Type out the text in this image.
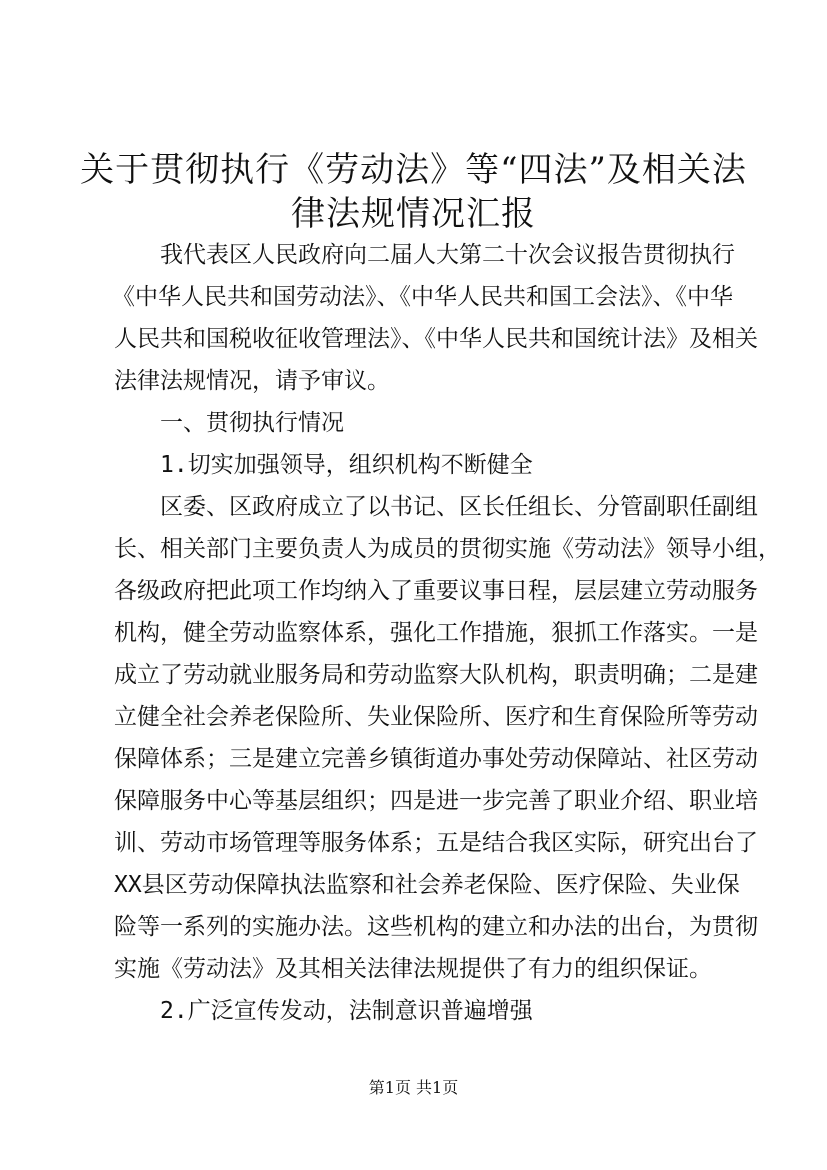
关于贯彻执行《劳动法》等“四法”及相关法
律法规情况汇报
我代表区人民政府向二届人大第二十次会议报告贯彻执行
《中华人民共和国劳动法》、《中华人民共和国工会法》、《中华
人民共和国税收征收管理法》、《中华人民共和国统计法》及相关
法律法规情况，请予审议。
一、贯彻执行情况
1.切实加强领导，组织机构不断健全
区委、区政府成立了以书记、区长任组长、分管副职任副组
长、相关部门主要负责人为成员的贯彻实施《劳动法》领导小组，
各级政府把此项工作均纳入了重要议事日程，层层建立劳动服务
机构，健全劳动监察体系，强化工作措施，狠抓工作落实。一是
成立了劳动就业服务局和劳动监察大队机构，职责明确；二是建
立健全社会养老保险所、失业保险所、医疗和生育保险所等劳动
保障体系；三是建立完善乡镇街道办事处劳动保障站、社区劳动
保障服务中心等基层组织；四是进一步完善了职业介绍、职业培
训、劳动市场管理等服务体系；五是结合我区实际，研究出台了
XX县区劳动保障执法监察和社会养老保险、医疗保险、失业保
险等一系列的实施办法。这些机构的建立和办法的出台，为贯彻
实施《劳动法》及其相关法律法规提供了有力的组织保证。
2.广泛宣传发动，法制意识普遍增强
第1页 共1页
